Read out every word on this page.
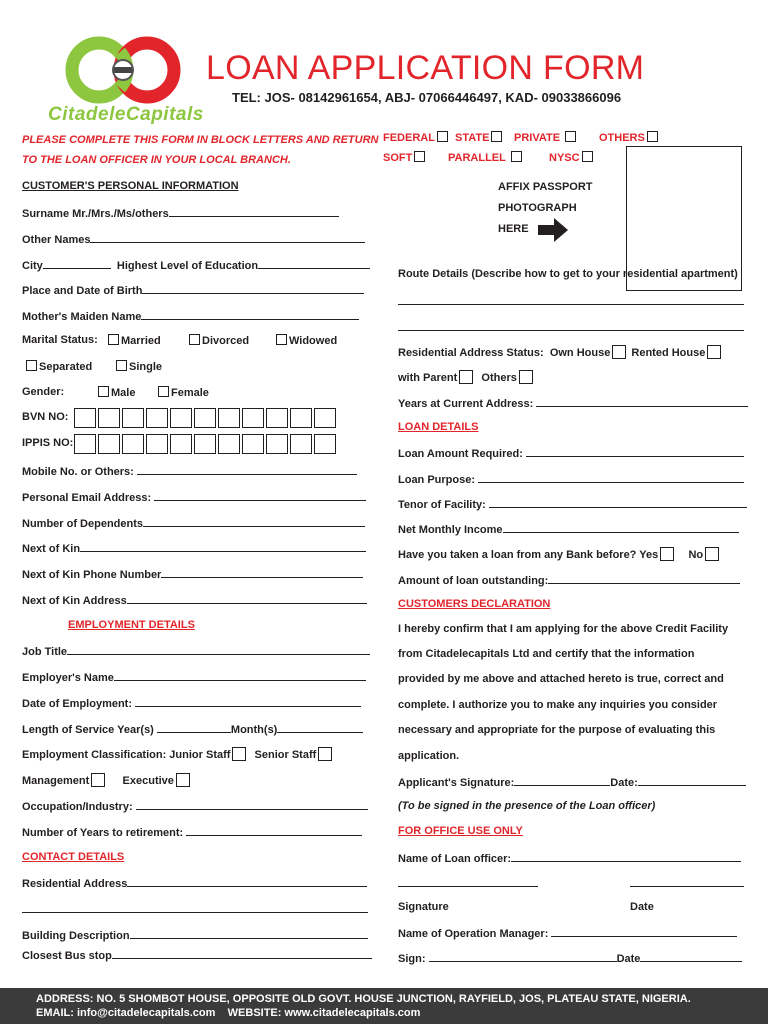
CitadeleCapitals
LOAN APPLICATION FORM
TEL: JOS- 08142961654, ABJ- 07066446497, KAD- 09033866096
PLEASE COMPLETE THIS FORM IN BLOCK LETTERS AND RETURN
TO THE LOAN OFFICER IN YOUR LOCAL BRANCH.
FEDERAL	STATE	PRIVATE	OTHERS
SOFT	PARALLEL	NYSC
AFFIX PASSPORT
PHOTOGRAPH
HERE
CUSTOMER'S PERSONAL INFORMATION
Surname Mr./Mrs./Ms/others
Other Names
City	Highest Level of Education
Place and Date of Birth
Mother's Maiden Name
Marital Status:	Married	Divorced	Widowed
Separated	Single
Gender:	Male	Female
BVN NO:
IPPIS NO:
Mobile No. or Others:
Personal Email Address:
Number of Dependents
Next of Kin
Next of Kin Phone Number
Next of Kin Address
EMPLOYMENT DETAILS
Job Title
Employer's Name
Date of Employment:
Length of Service Year(s)	Month(s)
Employment Classification: Junior Staff Senior Staff
Management	Executive
Occupation/Industry:
Number of Years to retirement:
CONTACT DETAILS
Residential Address
Building Description
Closest Bus stop
Route Details (Describe how to get to your residential apartment)
Residential Address Status: Own House Rented House
with Parent Others
Years at Current Address:
LOAN DETAILS
Loan Amount Required:
Loan Purpose:
Tenor of Facility:
Net Monthly Income
Have you taken a loan from any Bank before? Yes	No
Amount of loan outstanding:
CUSTOMERS DECLARATION
I hereby confirm that I am applying for the above Credit Facility
from Citadelecapitals Ltd and certify that the information
provided by me above and attached hereto is true, correct and
complete. I authorize you to make any inquiries you consider
necessary and appropriate for the purpose of evaluating this
application.
Applicant's Signature:	Date:
(To be signed in the presence of the Loan officer)
FOR OFFICE USE ONLY
Name of Loan officer:
Signature	Date
Name of Operation Manager:
Sign:	Date
ADDRESS: NO. 5 SHOMBOT HOUSE, OPPOSITE OLD GOVT. HOUSE JUNCTION, RAYFIELD, JOS, PLATEAU STATE, NIGERIA.
EMAIL: info@citadelecapitals.com    WEBSITE: www.citadelecapitals.com
